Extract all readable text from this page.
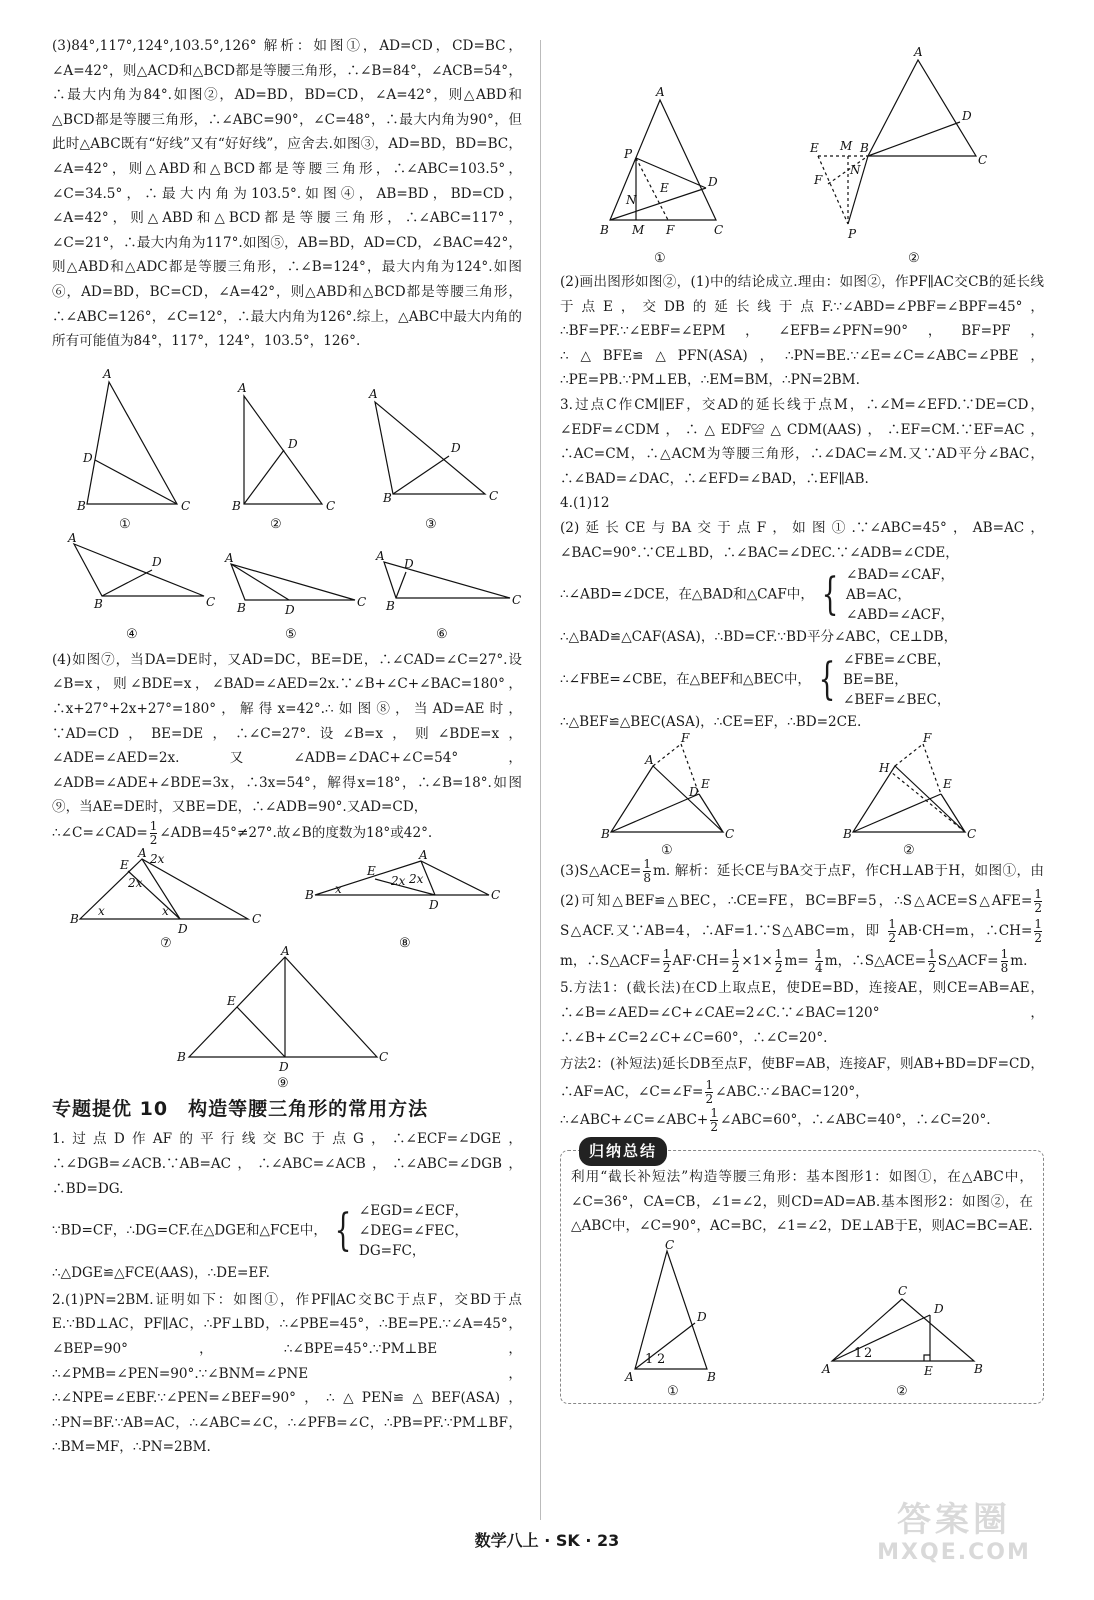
(3)84°,117°,124°,103.5°,126° 解析：如图①，AD=CD，CD=BC，∠A=42°，则△ACD和△BCD都是等腰三角形，∴∠B=84°，∠ACB=54°，∴最大内角为84°.如图②，AD=BD，BD=CD，∠A=42°，则△ABD和△BCD都是等腰三角形，∴∠ABC=90°，∠C=48°，∴最大内角为90°，但此时△ABC既有“好线”又有“好好线”，应舍去.如图③，AD=BD，BD=BC，∠A=42°，则△ABD和△BCD都是等腰三角形，∴∠ABC=103.5°，∠C=34.5°，∴最大内角为103.5°.如图④，AB=BD，BD=CD，∠A=42°，则△ABD和△BCD都是等腰三角形，∴∠ABC=117°，∠C=21°，∴最大内角为117°.如图⑤，AB=BD，AD=CD，∠BAC=42°，则△ABD和△ADC都是等腰三角形，∴∠B=124°，最大内角为124°.如图⑥，AD=BD，BC=CD，∠A=42°，则△ABD和△BCD都是等腰三角形，∴∠ABC=126°，∠C=12°，∴最大内角为126°.综上，△ABC中最大内角的所有可能值为84°，117°，124°，103.5°，126°.

A
B	C
D
①
A
B	C
D
②
A
B	C
D
③
A
B	C
D
④
A
B	C
D
⑤
A
B	C
D
⑥

(4)如图⑦，当DA=DE时，又AD=DC，BE=DE，∴∠CAD=∠C=27°.设∠B=x，则∠BDE=x，∠BAD=∠AED=2x.∵∠B+∠C+∠BAC=180°，∴x+27°+2x+27°=180°，解得x=42°.∴如图⑧，当AD=AE时，∵AD=CD，BE=DE，∴∠C=27°.设∠B=x，则∠BDE=x，∠ADE=∠AED=2x.又∠ADB=∠DAC+∠C=54°，∠ADB=∠ADE+∠BDE=3x，∴3x=54°，解得x=18°，∴∠B=18°.如图⑨，当AE=DE时，又BE=DE，∴∠ADB=90°.又AD=CD，

∴∠C=∠CAD= $\frac{1}{2}$ ∠ADB=45°≠27°.故∠B的度数为18°或42°.

E
A 2x
2x
x	x
B
D
C
⑦
E
A
2x 2x
x
B
D
C
⑧
A
E
B
D
C
⑨
专题提优 10 构造等腰三角形的常用方法

1.过点D作AF的平行线交BC于点G，∴∠ECF=∠DGE，∴∠DGB=∠ACB.∵AB=AC，∴∠ABC=∠ACB，∴∠ABC=∠DGB，∴BD=DG.

∵BD=CF，∴DG=CF.在△DGE和△FCE中， { ∠EGD=∠ECF，
∠DEG=∠FEC，
DG=FC，

∴△DGE≌△FCE(AAS)，∴DE=EF.

2.(1)PN=2BM.证明如下：如图①，作PF∥AC交BC于点F，交BD于点E.∵BD⊥AC，PF∥AC，∴PF⊥BD，∴∠PBE=45°，∴BE=PE.∵∠A=45°，∠BEP=90°，∴∠BPE=45°.∵PM⊥BE，∴∠PMB=∠PEN=90°.∵∠BNM=∠PNE，∴∠NPE=∠EBF.∵∠PEN=∠BEF=90°，∴△PEN≌△BEF(ASA)，∴PN=BF.∵AB=AC，∴∠ABC=∠C，∴∠PFB=∠C，∴PB=PF.∵PM⊥BF，∴BM=MF，∴PN=2BM.

A
P
D
E
N
B M F	C
①
A
D
B
C
E M
N
F
P
②

(2)画出图形如图②，(1)中的结论成立.理由：如图②，作PF∥AC交CB的延长线于点E，交DB的延长线于点F.∵∠ABD=∠PBF=∠BPF=45°，∴BF=PF.∵∠EBF=∠EPM，∠EFB=∠PFN=90°，BF=PF，∴△BFE≌△PFN(ASA)，∴PN=BE.∵∠E=∠C=∠ABC=∠PBE，∴PE=PB.∵PM⊥EB，∴EM=BM，∴PN=2BM.

3.过点C作CM∥EF，交AD的延长线于点M，∴∠M=∠EFD.∵DE=CD，∠EDF=∠CDM，∴△EDF≌△CDM(AAS)，∴EF=CM.∵EF=AC，∴AC=CM，∴△ACM为等腰三角形，∴∠DAC=∠M.又∵AD平分∠BAC，∴∠BAD=∠DAC，∴∠EFD=∠BAD，∴EF∥AB.

4.(1)12

(2)延长CE与BA交于点F，如图①.∵∠ABC=45°，AB=AC，∠BAC=90°.∵CE⊥BD，∴∠BAC=∠DEC.∵∠ADB=∠CDE，

∴∠ABD=∠DCE，在△BAD和△CAF中， { ∠BAD=∠CAF，
AB=AC，
∠ABD=∠ACF，

∴△BAD≌△CAF(ASA)，∴BD=CF.∵BD平分∠ABC，CE⊥DB，

∴∠FBE=∠CBE，在△BEF和△BEC中， { ∠FBE=∠CBE，
BE=BE，
∠BEF=∠BEC，

∴△BEF≌△BEC(ASA)，∴CE=EF，∴BD=2CE.

A
F
D
E
B	C
①
H
F
E
B	C
②

(3)S△ACE= $\frac{1}{8} m$. 解析：延长CE与BA交于点F，作CH⊥AB于H，如图①，由(2)可知△BEF≌△BEC，∴CE=FE，BC=BF=5，∴S△ACE=S△AFE= $\frac{1}{2}$
S△ACF.又∵AB=4，∴AF=1.∵S△ABC=m，即 $\frac{1}{2} AB\cdot CH=m$，∴CH= $\frac{1}{2}$
m，∴S△ACF= $\frac{1}{2} AF\cdot CH= \frac{1}{2} \times 1\times \frac{1}{2} m= \frac{1}{4}$ m，∴S△ACE= $\frac{1}{2}$ S△ACF= $\frac{1}{8} m$.

5.方法1：(截长法)在CD上取点E，使DE=BD，连接AE，则CE=AB=AE，∴∠B=∠AED=∠C+∠CAE=2∠C.∵∠BAC=120°，∴∠B+∠C=2∠C+∠C=60°，∴∠C=20°.

方法2：(补短法)延长DB至点F，使BF=AB，连接AF，则AB+BD=DF=CD，∴AF=AC，∠C=∠F= $\frac{1}{2}$ ∠ABC.∵∠BAC=120°，

∴∠ABC+∠C=∠ABC+ $\frac{1}{2}$ ∠ABC=60°，∴∠ABC=40°，∴∠C=20°.

归纳总结

利用“截长补短法”构造等腰三角形：基本图形1：如图①，在△ABC中，∠C=36°，CA=CB，∠1=∠2，则CD=AD=AB.基本图形2：如图②，在△ABC中，∠C=90°，AC=BC，∠1=∠2，DE⊥AB于E，则AC=BC=AE.

C
D
1 2
A	B
①
C
D
1 2
A	E	B
②
数学八上 · SK · 23
答案圈
MXQE.COM
